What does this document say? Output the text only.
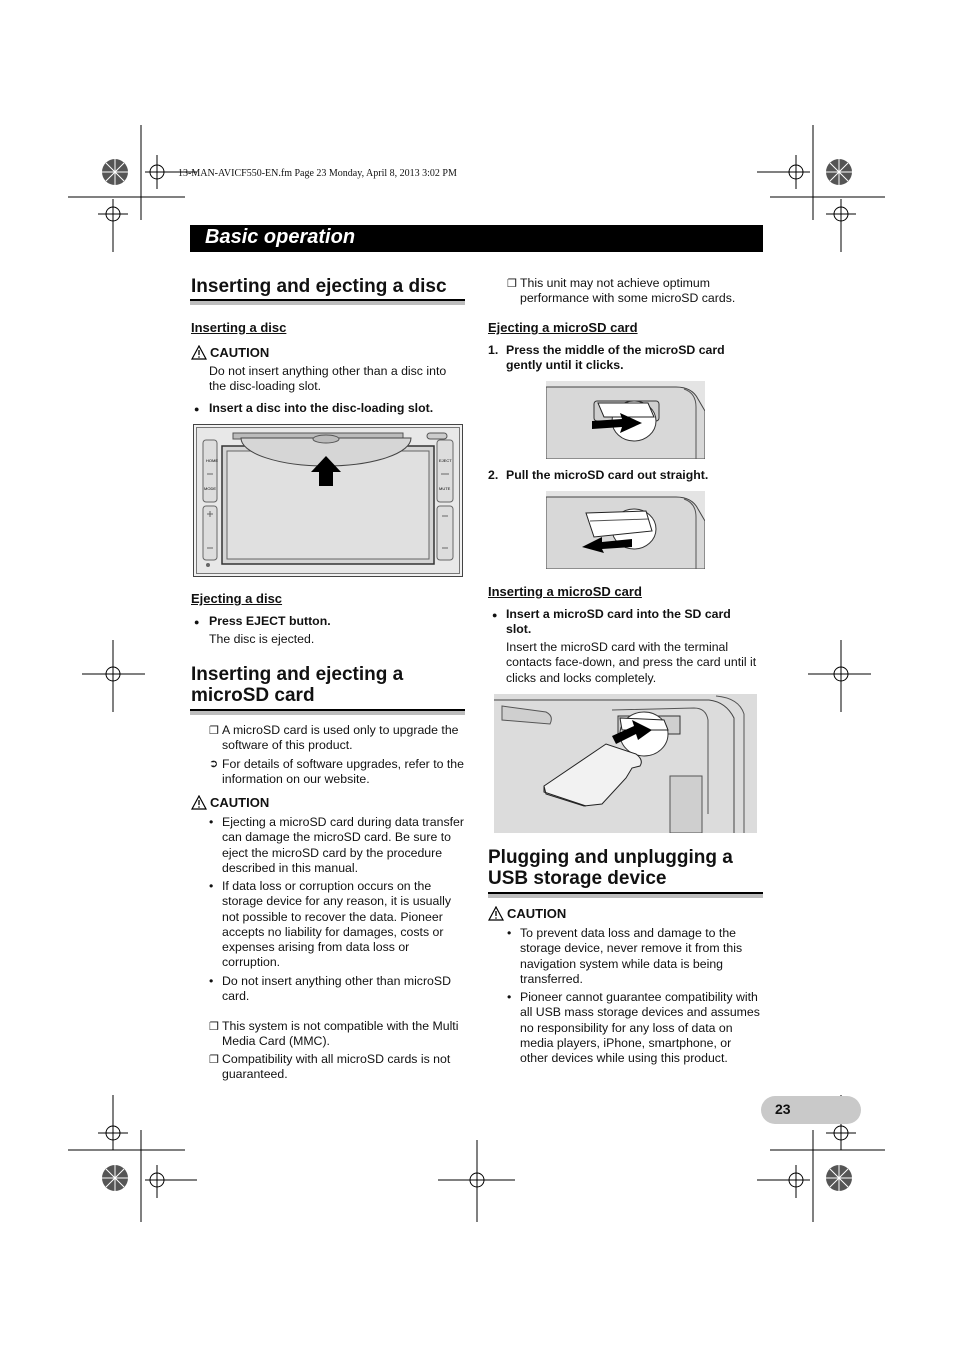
13-MAN-AVICF550-EN.fm Page 23 Monday, April 8, 2013 3:02 PM
Basic operation
Inserting and ejecting a disc
Inserting a disc
CAUTION
Do not insert anything other than a disc into the disc-loading slot.
● Insert a disc into the disc-loading slot.
HOME
MODE
EJECT
MUTE
Ejecting a disc
● Press EJECT button.
The disc is ejected.
Inserting and ejecting a microSD card
❐ A microSD card is used only to upgrade the software of this product.
➲ For details of software upgrades, refer to the information on our website.
CAUTION
• Ejecting a microSD card during data transfer can damage the microSD card. Be sure to eject the microSD card by the procedure described in this manual.
• If data loss or corruption occurs on the storage device for any reason, it is usually not possible to recover the data. Pioneer accepts no liability for damages, costs or expenses arising from data loss or corruption.
• Do not insert anything other than microSD card.
❐ This system is not compatible with the Multi Media Card (MMC).
❐ Compatibility with all microSD cards is not guaranteed.
❐ This unit may not achieve optimum performance with some microSD cards.
Ejecting a microSD card
1. Press the middle of the microSD card gently until it clicks.
2. Pull the microSD card out straight.
Inserting a microSD card
● Insert a microSD card into the SD card slot.
Insert the microSD card with the terminal contacts face-down, and press the card until it clicks and locks completely.
Plugging and unplugging a USB storage device
CAUTION
• To prevent data loss and damage to the storage device, never remove it from this navigation system while data is being transferred.
• Pioneer cannot guarantee compatibility with all USB mass storage devices and assumes no responsibility for any loss of data on media players, iPhone, smartphone, or other devices while using this product.
23
